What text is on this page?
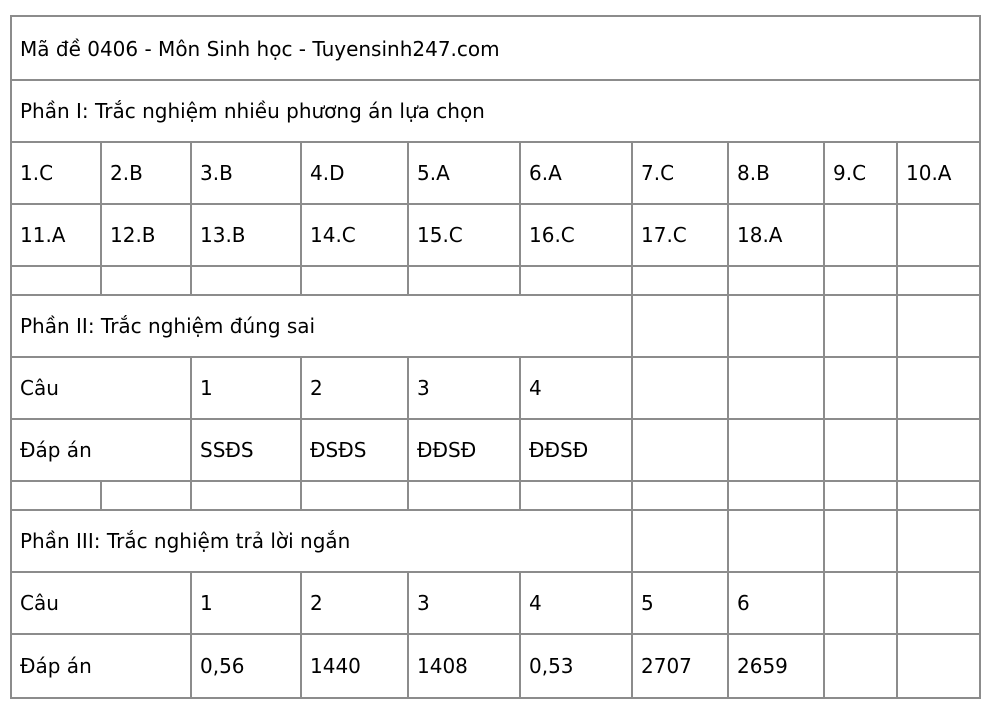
Mã đề 0406 - Môn Sinh học - Tuyensinh247.com									
Phần I: Trắc nghiệm nhiều phương án lựa chọn									
1.C	2.B	3.B	4.D	5.A	6.A	7.C	8.B	9.C	10.A
11.A	12.B	13.B	14.C	15.C	16.C	17.C	18.A		

Phần II: Trắc nghiệm đúng sai									
Câu		1	2	3	4				
Đáp án		SSĐS	ĐSĐS	ĐĐSĐ	ĐĐSĐ				

Phần III: Trắc nghiệm trả lời ngắn									
Câu		1	2	3	4	5	6		
Đáp án		0,56	1440	1408	0,53	2707	2659		
